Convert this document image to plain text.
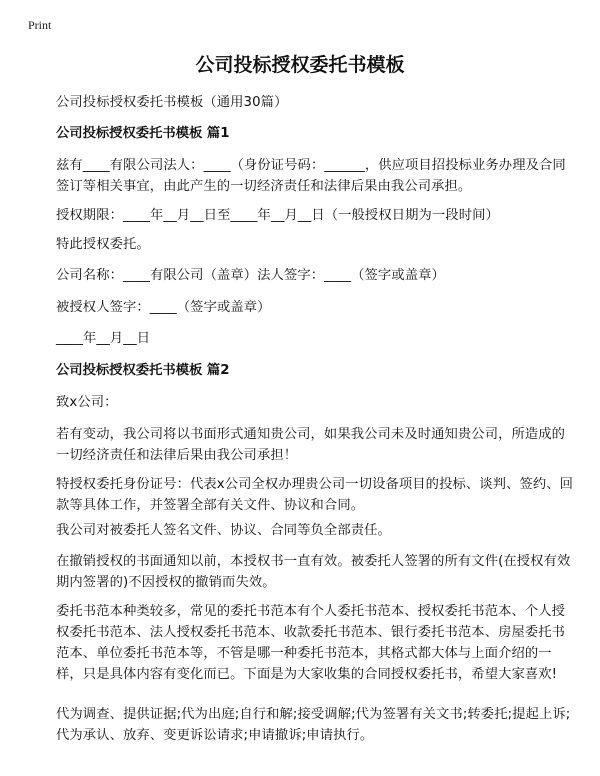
Print
公司投标授权委托书模板

公司投标授权委托书模板（通用30篇）

公司投标授权委托书模板 篇1

兹有____有限公司法人：____（身份证号码：______，供应项目招投标业务办理及合同签订等相关事宜，由此产生的一切经济责任和法律后果由我公司承担。

授权期限：____年__月__日至____年__月__日（一般授权日期为一段时间）

特此授权委托。

公司名称：____有限公司（盖章）法人签字：____（签字或盖章）

被授权人签字：____（签字或盖章）

____年__月__日

公司投标授权委托书模板 篇2

致x公司：

若有变动，我公司将以书面形式通知贵公司，如果我公司未及时通知贵公司，所造成的一切经济责任和法律后果由我公司承担！

特授权委托身份证号：代表x公司全权办理贵公司一切设备项目的投标、谈判、签约、回款等具体工作，并签署全部有关文件、协议和合同。

我公司对被委托人签名文件、协议、合同等负全部责任。

在撤销授权的书面通知以前，本授权书一直有效。被委托人签署的所有文件(在授权有效期内签署的)不因授权的撤销而失效。

委托书范本种类较多，常见的委托书范本有个人委托书范本、授权委托书范本、个人授权委托书范本、法人授权委托书范本、收款委托书范本、银行委托书范本、房屋委托书范本、单位委托书范本等，不管是哪一种委托书范本，其格式都大体与上面介绍的一样，只是具体内容有变化而已。下面是为大家收集的合同授权委托书，希望大家喜欢!

代为调查、提供证据;代为出庭;自行和解;接受调解;代为签署有关文书;转委托;提起上诉;代为承认、放弃、变更诉讼请求;申请撤诉;申请执行。
